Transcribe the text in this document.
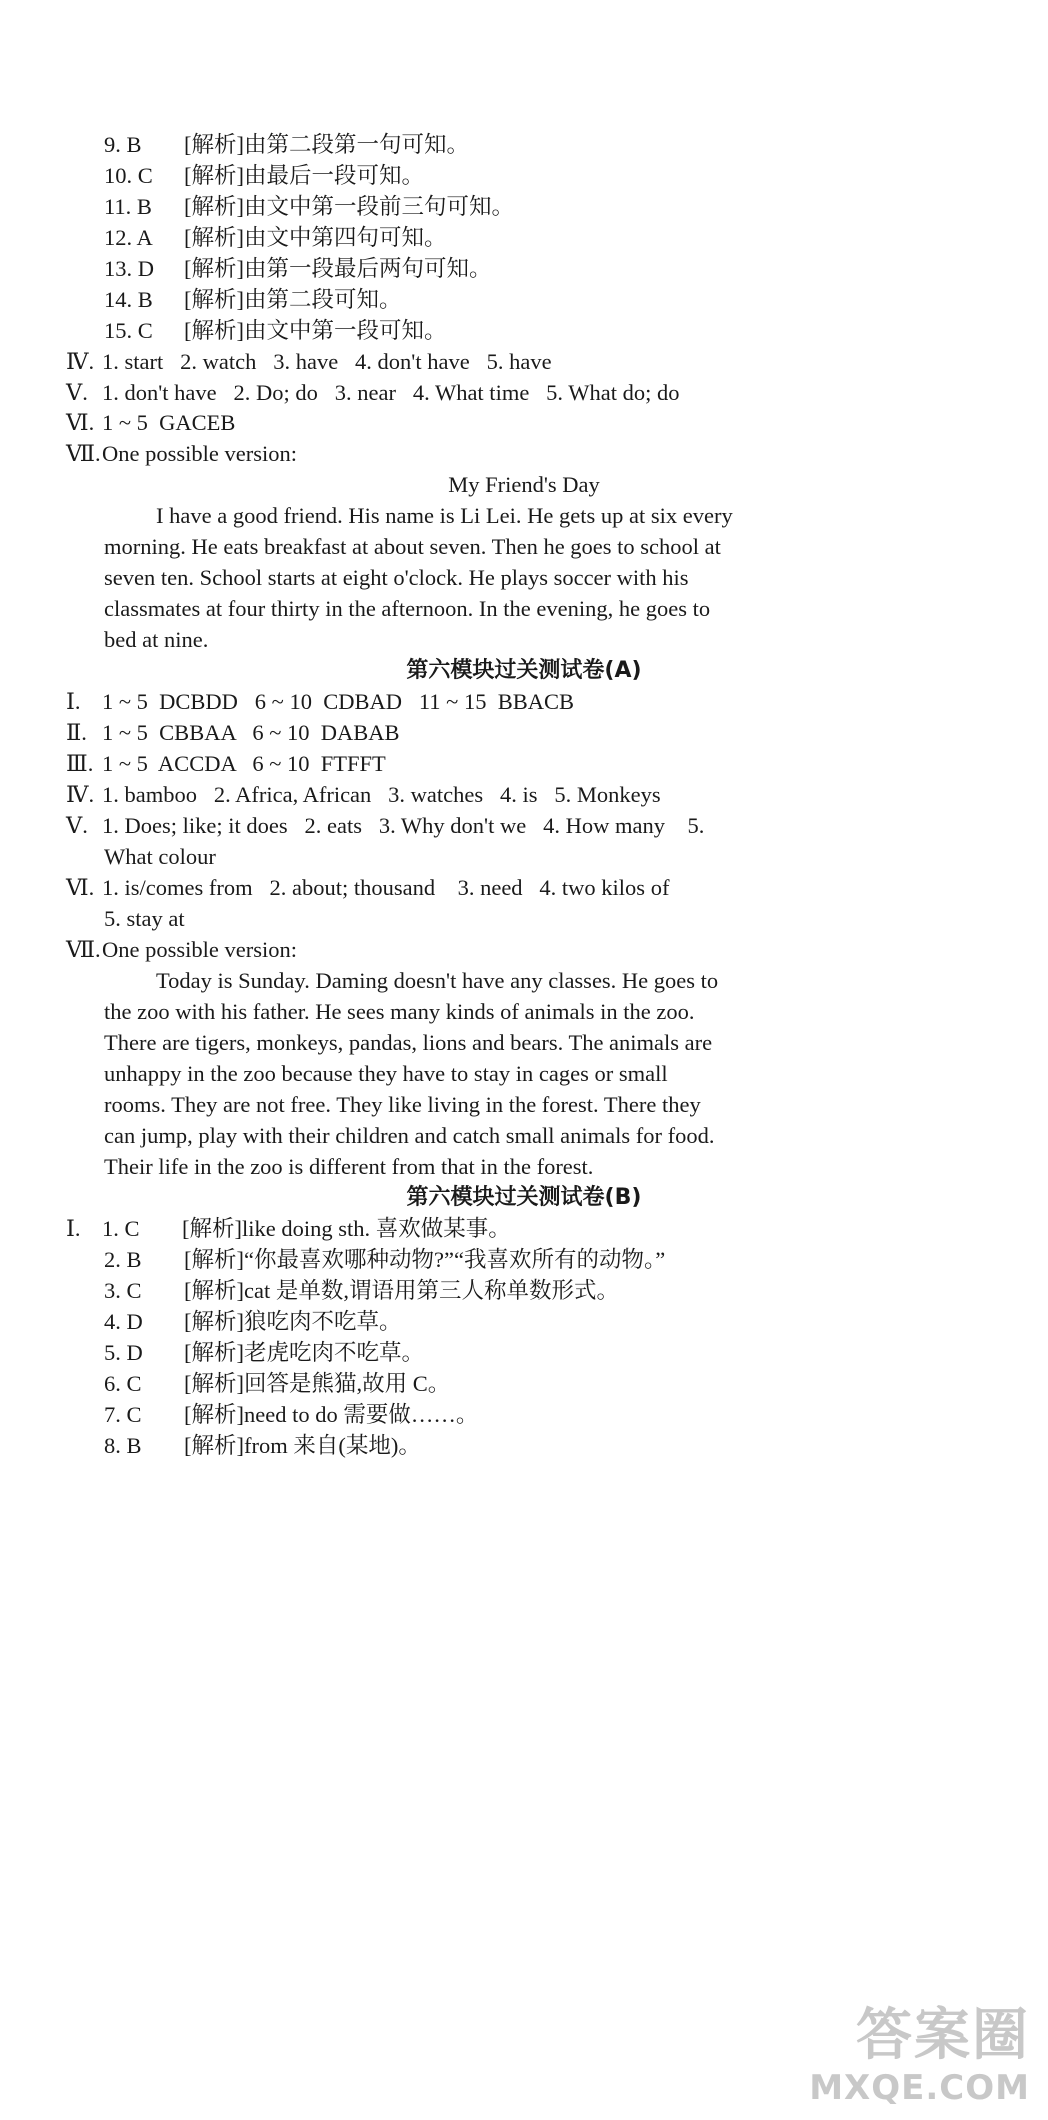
9. B [解析]由第二段第一句可知。
10. C [解析]由最后一段可知。
11. B [解析]由文中第一段前三句可知。
12. A [解析]由文中第四句可知。
13. D [解析]由第一段最后两句可知。
14. B [解析]由第二段可知。
15. C [解析]由文中第一段可知。
Ⅳ. 1. start   2. watch   3. have   4. don't have   5. have
Ⅴ. 1. don't have   2. Do; do   3. near   4. What time   5. What do; do
Ⅵ. 1 ~ 5  GACEB
Ⅶ.One possible version:
My Friend's Day
I have a good friend. His name is Li Lei. He gets up at six every
morning. He eats breakfast at about seven. Then he goes to school at
seven ten. School starts at eight o'clock. He plays soccer with his
classmates at four thirty in the afternoon. In the evening, he goes to
bed at nine.
第六模块过关测试卷(A)
Ⅰ. 1 ~ 5  DCBDD   6 ~ 10  CDBAD   11 ~ 15  BBACB
Ⅱ. 1 ~ 5  CBBAA   6 ~ 10  DABAB
Ⅲ. 1 ~ 5  ACCDA   6 ~ 10  FTFFT
Ⅳ. 1. bamboo   2. Africa, African   3. watches   4. is   5. Monkeys
Ⅴ. 1. Does; like; it does   2. eats   3. Why don't we   4. How many    5.
What colour
Ⅵ. 1. is/comes from   2. about; thousand    3. need   4. two kilos of
5. stay at
Ⅶ.One possible version:
Today is Sunday. Daming doesn't have any classes. He goes to
the zoo with his father. He sees many kinds of animals in the zoo.
There are tigers, monkeys, pandas, lions and bears. The animals are
unhappy in the zoo because they have to stay in cages or small
rooms. They are not free. They like living in the forest. There they
can jump, play with their children and catch small animals for food.
Their life in the zoo is different from that in the forest.
第六模块过关测试卷(B)
Ⅰ. 1. C [解析]like doing sth. 喜欢做某事。
2. B [解析]“你最喜欢哪种动物?”“我喜欢所有的动物。”
3. C [解析]cat 是单数,谓语用第三人称单数形式。
4. D [解析]狼吃肉不吃草。
5. D [解析]老虎吃肉不吃草。
6. C [解析]回答是熊猫,故用 C。
7. C [解析]need to do 需要做……。
8. B [解析]from 来自(某地)。
答案圈
MXQE.COM
